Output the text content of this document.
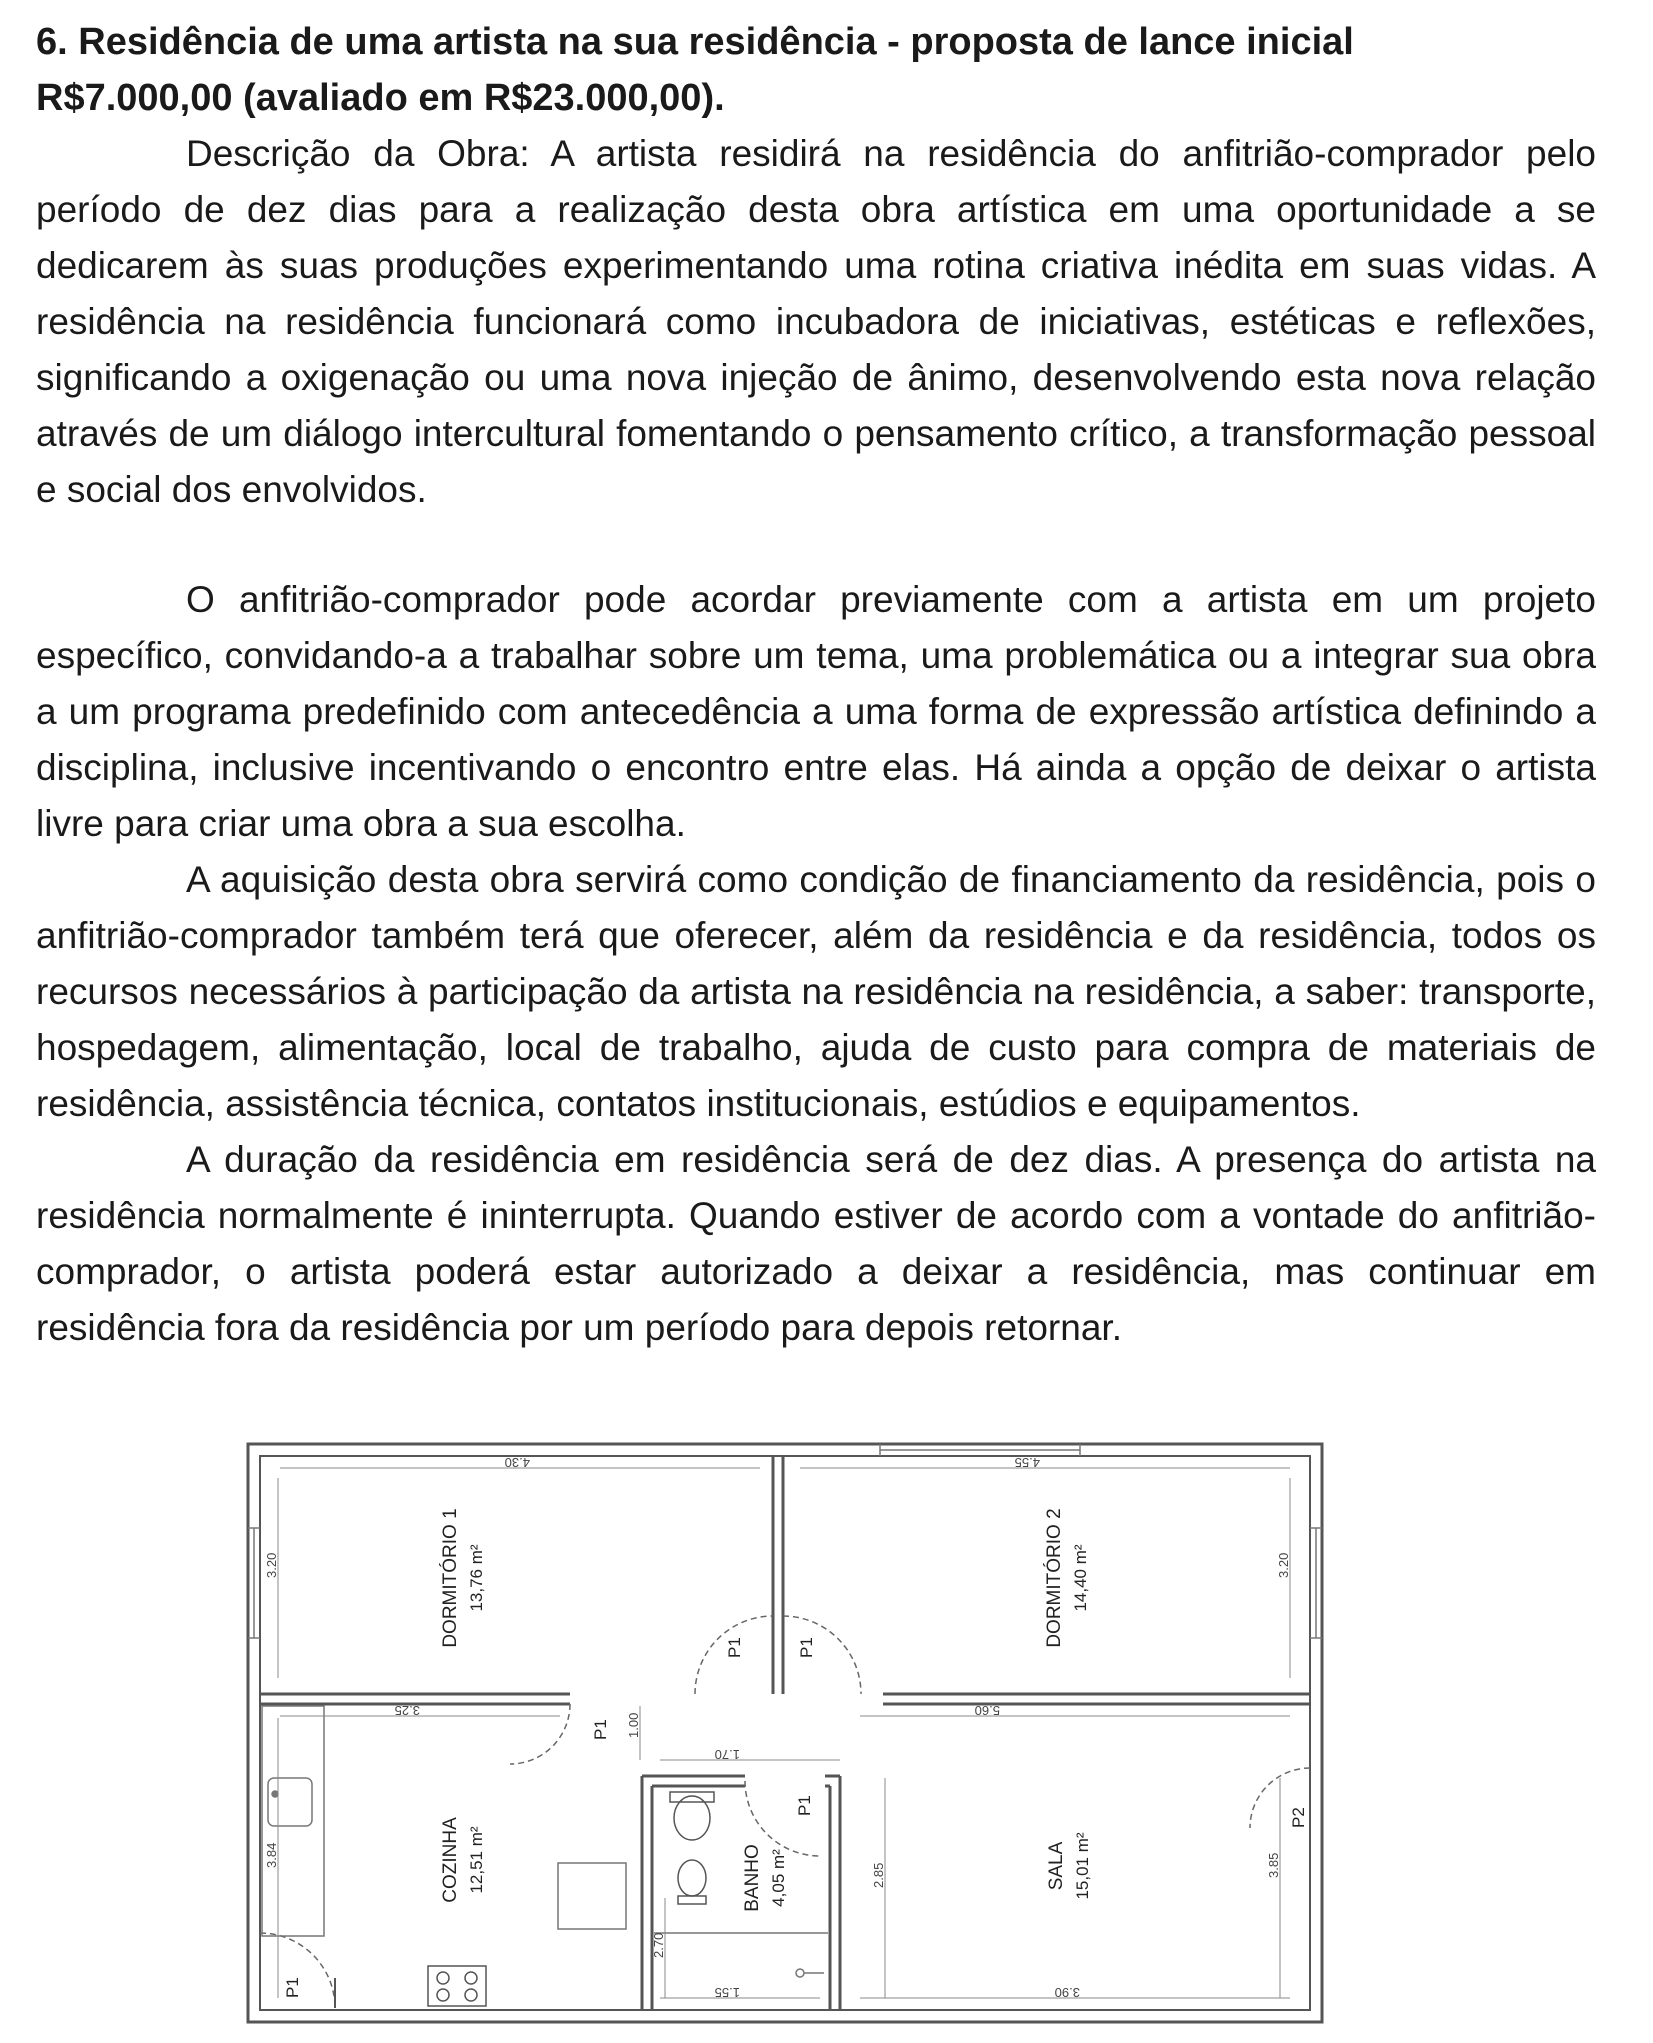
6. Residência de uma artista na sua residência - proposta de lance inicial
R$7.000,00 (avaliado em R$23.000,00).

Descrição da Obra: A artista residirá na residência do anfitrião-comprador pelo período de dez dias para a realização desta obra artística em uma oportunidade a se dedicarem às suas produções experimentando uma rotina criativa inédita em suas vidas. A residência na residência funcionará como incubadora de iniciativas, estéticas e reflexões, significando a oxigenação ou uma nova injeção de ânimo, desenvolvendo esta nova relação através de um diálogo intercultural fomentando o pensamento crítico, a transformação pessoal e social dos envolvidos.

O anfitrião-comprador pode acordar previamente com a artista em um projeto específico, convidando-a a trabalhar sobre um tema, uma problemática ou a integrar sua obra a um programa predefinido com antecedência a uma forma de expressão artística definindo a disciplina, inclusive incentivando o encontro entre elas. Há ainda a opção de deixar o artista livre para criar uma obra a sua escolha.

A aquisição desta obra servirá como condição de financiamento da residência, pois o anfitrião-comprador também terá que oferecer, além da residência e da residência, todos os recursos necessários à participação da artista na residência na residência, a saber: transporte, hospedagem, alimentação, local de trabalho, ajuda de custo para compra de materiais de residência, assistência técnica, contatos institucionais, estúdios e equipamentos.

A duração da residência em residência será de dez dias. A presença do artista na residência normalmente é ininterrupta. Quando estiver de acordo com a vontade do anfitrião-comprador, o artista poderá estar autorizado a deixar a residência, mas continuar em residência fora da residência por um período para depois retornar.

4.30	4.55
3.20	3.20
3.25	5.60
1.00
1.70
3.84
2.85	3.85
2.70
1.55	3.90
DORMITÓRIO 1 13,76 m²	DORMITÓRIO 2 14,40 m²
COZINHA 12,51 m²	BANHO 4,05 m²	SALA 15,01 m²
P1	P1
P1
P1
P1
P2
